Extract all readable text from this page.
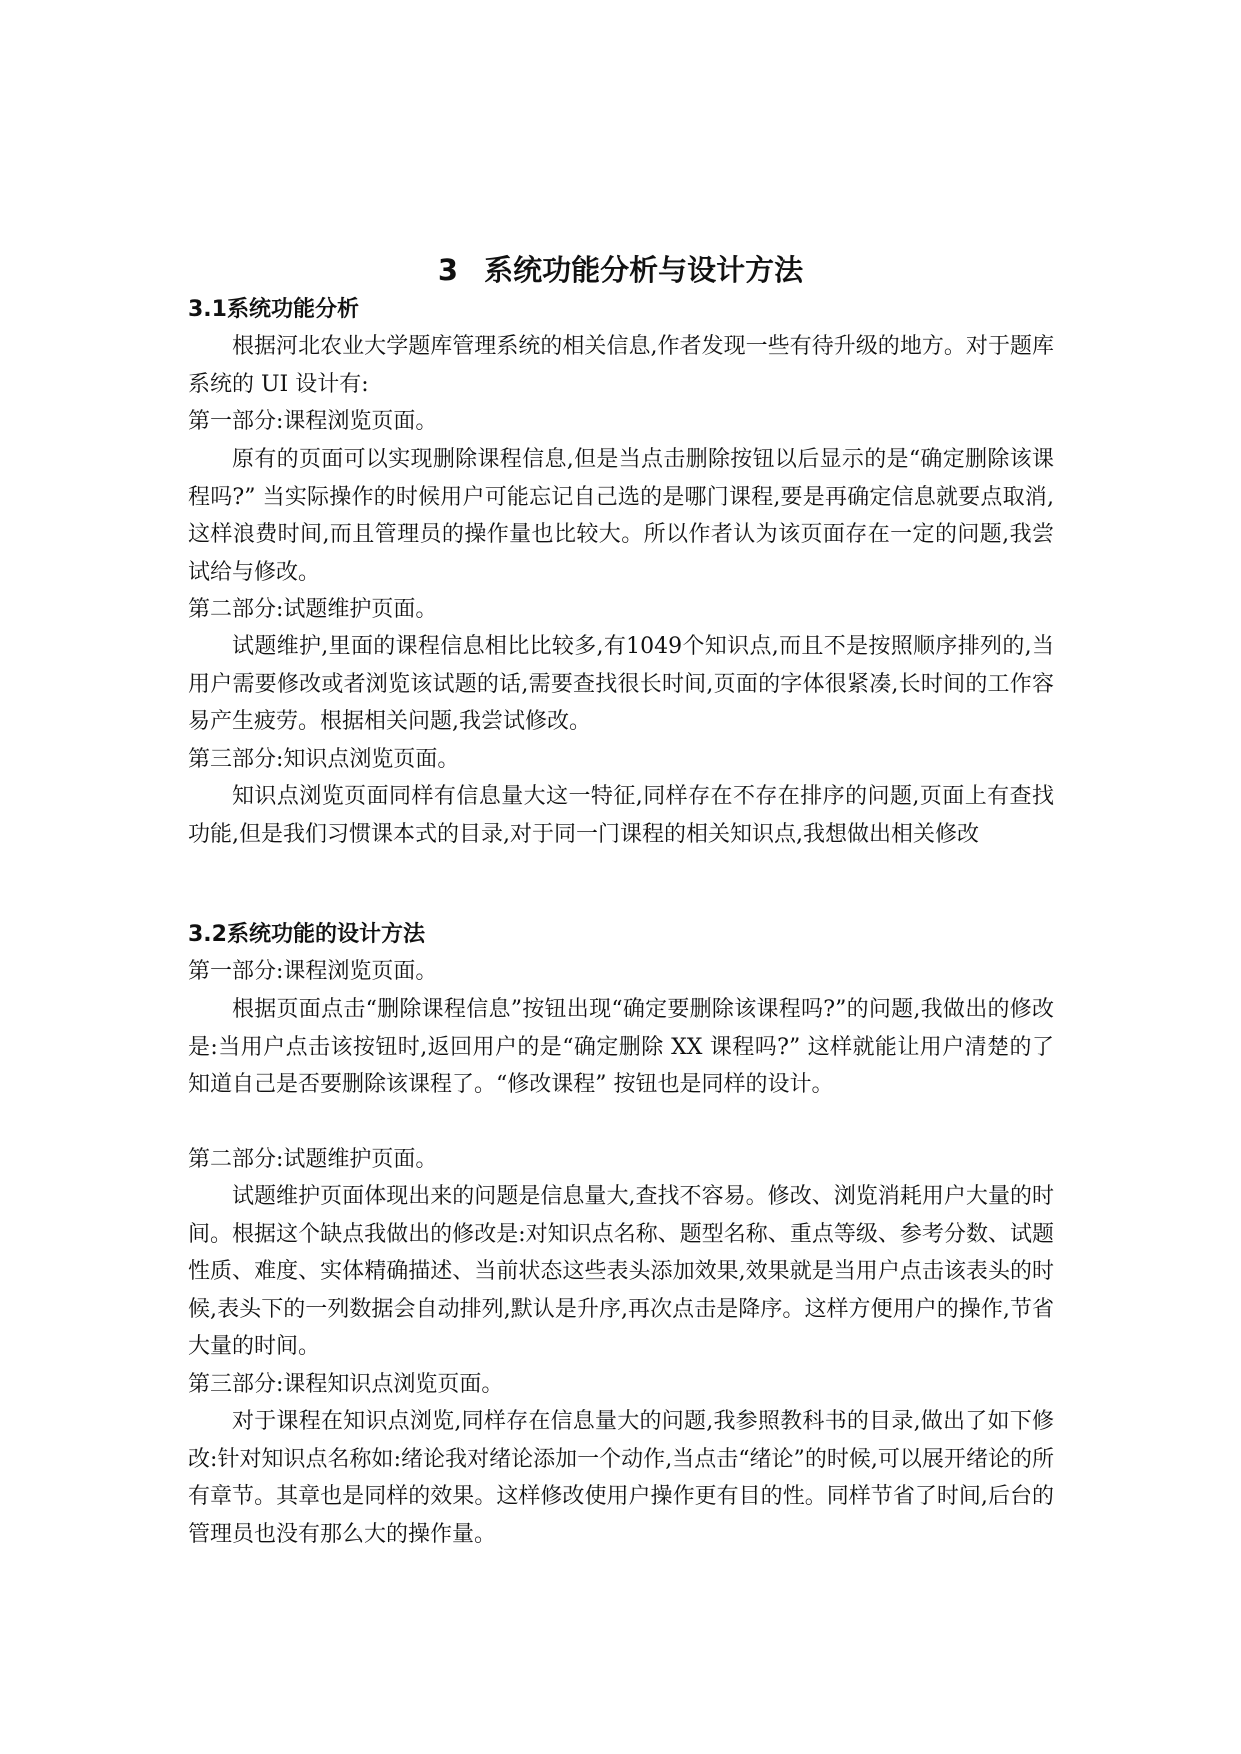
3 系统功能分析与设计方法
3.1系统功能分析

根据河北农业大学题库管理系统的相关信息,作者发现一些有待升级的地方。对于题库系统的 UI 设计有:

第一部分:课程浏览页面。

原有的页面可以实现删除课程信息,但是当点击删除按钮以后显示的是“确定删除该课程吗?” 当实际操作的时候用户可能忘记自己选的是哪门课程,要是再确定信息就要点取消,这样浪费时间,而且管理员的操作量也比较大。所以作者认为该页面存在一定的问题,我尝试给与修改。

第二部分:试题维护页面。

试题维护,里面的课程信息相比比较多,有1049个知识点,而且不是按照顺序排列的,当用户需要修改或者浏览该试题的话,需要查找很长时间,页面的字体很紧凑,长时间的工作容易产生疲劳。根据相关问题,我尝试修改。

第三部分:知识点浏览页面。

知识点浏览页面同样有信息量大这一特征,同样存在不存在排序的问题,页面上有查找功能,但是我们习惯课本式的目录,对于同一门课程的相关知识点,我想做出相关修改

3.2系统功能的设计方法

第一部分:课程浏览页面。

根据页面点击“删除课程信息”按钮出现“确定要删除该课程吗?”的问题,我做出的修改是:当用户点击该按钮时,返回用户的是“确定删除 XX 课程吗?” 这样就能让用户清楚的了知道自己是否要删除该课程了。“修改课程” 按钮也是同样的设计。

第二部分:试题维护页面。

试题维护页面体现出来的问题是信息量大,查找不容易。修改、浏览消耗用户大量的时间。根据这个缺点我做出的修改是:对知识点名称、题型名称、重点等级、参考分数、试题性质、难度、实体精确描述、当前状态这些表头添加效果,效果就是当用户点击该表头的时候,表头下的一列数据会自动排列,默认是升序,再次点击是降序。这样方便用户的操作,节省大量的时间。

第三部分:课程知识点浏览页面。

对于课程在知识点浏览,同样存在信息量大的问题,我参照教科书的目录,做出了如下修改:针对知识点名称如:绪论我对绪论添加一个动作,当点击“绪论”的时候,可以展开绪论的所有章节。其章也是同样的效果。这样修改使用户操作更有目的性。同样节省了时间,后台的管理员也没有那么大的操作量。
